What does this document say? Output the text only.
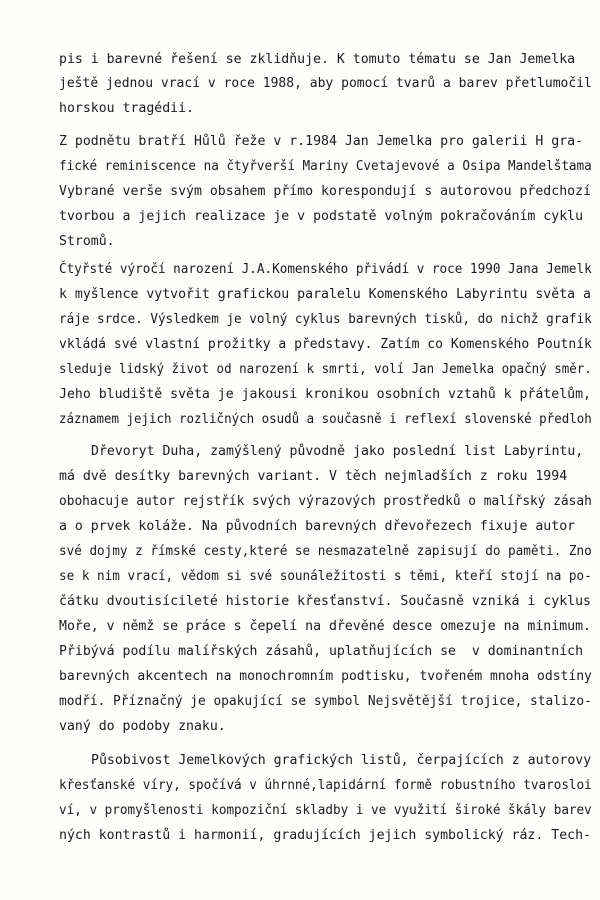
pis i barevné řešení se zklidňuje. K tomuto tématu se Jan Jemelka

ještě jednou vrací v roce 1988, aby pomocí tvarů a barev přetlumočil

horskou tragédii.

Z podnětu bratří Hůlů řeže v r.1984 Jan Jemelka pro galerii H gra-

fické reminiscence na čtyřverší Mariny Cvetajevové a Osipa Mandelštama

Vybrané verše svým obsahem přímo korespondují s autorovou předchozí

tvorbou a jejich realizace je v podstatě volným pokračováním cyklu

Stromů.

Čtyřsté výročí narození J.A.Komenského přivádí v roce 1990 Jana Jemelk

k myšlence vytvořit grafickou paralelu Komenského Labyrintu světa a

ráje srdce. Výsledkem je volný cyklus barevných tisků, do nichž grafik

vkládá své vlastní prožitky a představy. Zatím co Komenského Poutník

sleduje lidský život od narození k smrti, volí Jan Jemelka opačný směr.

Jeho bludiště světa je jakousi kronikou osobních vztahů k přátelům,

záznamem jejich rozličných osudů a současně i reflexí slovenské předloh

Dřevoryt Duha, zamýšlený původně jako poslední list Labyrintu,

má dvě desítky barevných variant. V těch nejmladších z roku 1994

obohacuje autor rejstřík svých výrazových prostředků o malířský zásah

a o prvek koláže. Na původních barevných dřevořezech fixuje autor

své dojmy z římské cesty,které se nesmazatelně zapisují do paměti. Zno

se k nim vrací, vědom si své sounáležitosti s těmi, kteří stojí na po-

čátku dvoutisícileté historie křesťanství. Současně vzniká i cyklus

Moře, v němž se práce s čepelí na dřevěné desce omezuje na minimum.

Přibývá podílu malířských zásahů, uplatňujících se  v dominantních

barevných akcentech na monochromním podtisku, tvořeném mnoha odstíny

modří. Příznačný je opakující se symbol Nejsvětější trojice, stalizo-

vaný do podoby znaku.

Působivost Jemelkových grafických listů, čerpajících z autorovy

křesťanské víry, spočívá v úhrnné,lapidární formě robustního tvarosloi

ví, v promyšlenosti kompoziční skladby i ve využití široké škály barev

ných kontrastů i harmonií, gradujících jejich symbolický ráz. Tech-
